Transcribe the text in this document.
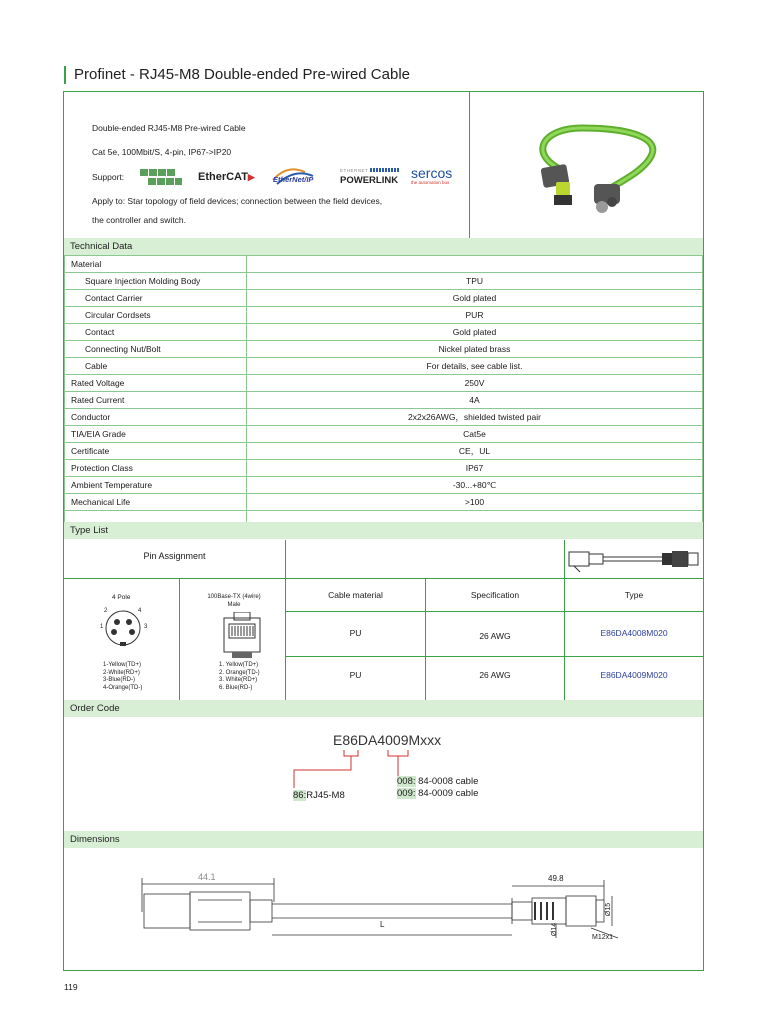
Profinet - RJ45-M8 Double-ended Pre-wired Cable
Double-ended RJ45-M8 Pre-wired Cable
Cat 5e, 100Mbit/S, 4-pin, IP67->IP20
Support:	EtherCAT▶ EtherNet/IP
ETHERNET
POWERLINK sercos
the automation bus
Apply to: Star topology of field devices; connection between the field devices,
the controller and switch.
Technical Data
Material	
Square Injection Molding Body	TPU
Contact Carrier	Gold plated
Circular Cordsets	PUR
Contact	Gold plated
Connecting Nut/Bolt	Nickel plated brass
Cable	For details, see cable list.
Rated Voltage	250V
Rated Current	4A
Conductor	2x2x26AWG，shielded twisted pair
TIA/EIA Grade	Cat5e
Certificate	CE，UL
Protection Class	IP67
Ambient Temperature	-30...+80℃
Mechanical Life	>100

Type List
Pin Assignment
4 Pole
1
2
3
4
1-Yellow(TD+)
2-White(RD+)
3-Blue(RD-)
4-Orange(TD-)
100Base-TX (4wire)
Male
1. Yellow(TD+)
2. Orange(TD-)
3. White(RD+)
6. Blue(RD-)
Cable material	Specification	Type
PU	26 AWG	E86DA4008M020
PU	26 AWG	E86DA4009M020
Order Code
E86DA4009Mxxx
86:RJ45-M8
008: 84-0008 cable
009: 84-0009 cable
Dimensions
44.1	49.8
L
Ø15
Ø14
M12x1
119
